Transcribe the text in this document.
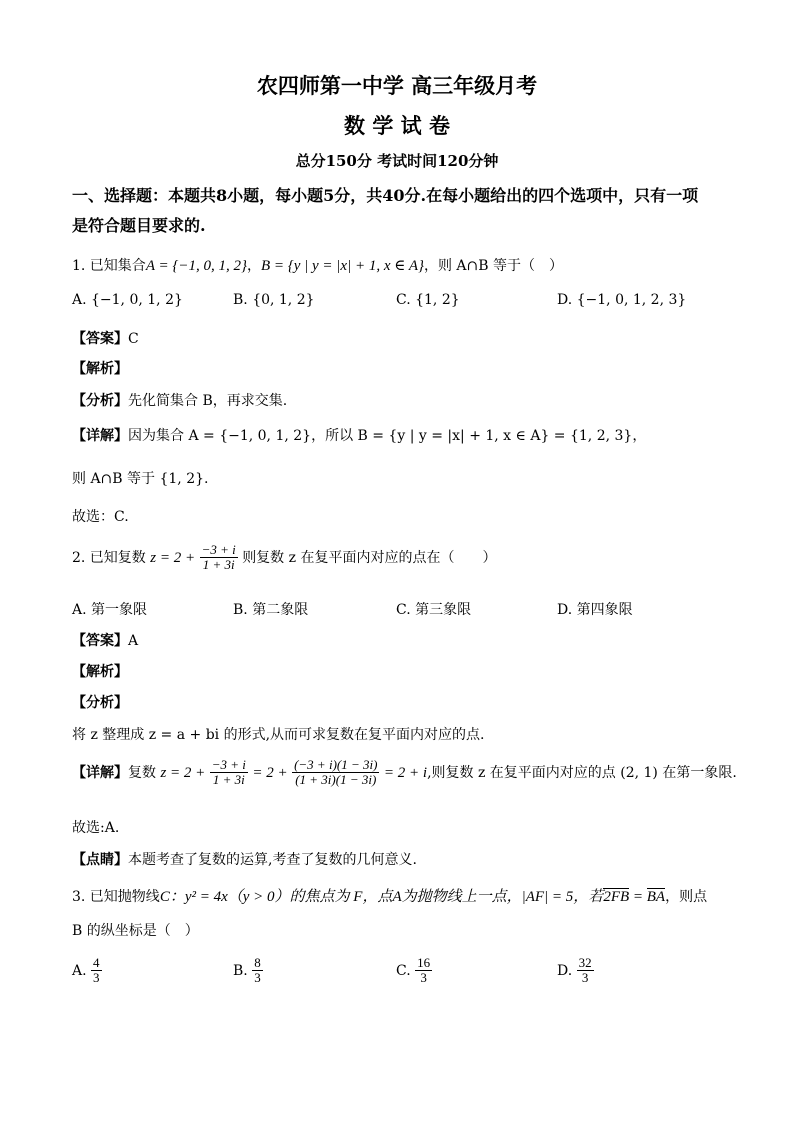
农四师第一中学 高三年级月考
数 学 试 卷
总分150分 考试时间120分钟
一、选择题：本题共8小题，每小题5分，共40分.在每小题给出的四个选项中，只有一项
是符合题目要求的.
1. 已知集合A = {−1, 0, 1, 2}，B = {y | y = |x| + 1, x ∈ A}，则 A∩B 等于（　）
A. {−1, 0, 1, 2}	B. {0, 1, 2}	C. {1, 2}	D. {−1, 0, 1, 2, 3}
【答案】C
【解析】
【分析】先化简集合 B，再求交集.
【详解】因为集合 A = {−1, 0, 1, 2}，所以 B = {y | y = |x| + 1, x ∈ A} = {1, 2, 3}，
则 A∩B 等于 {1, 2}.
故选：C.
2. 已知复数 $z = 2 + \frac{-3 + i}{1 + 3i}$ 则复数 z 在复平面内对应的点在（　　）
A. 第一象限	B. 第二象限	C. 第三象限	D. 第四象限
【答案】A
【解析】
【分析】
将 z 整理成 z = a + bi 的形式,从而可求复数在复平面内对应的点.
【详解】复数 $z = 2 + \frac{-3 + i}{1 + 3i} = 2 + \frac{(-3 + i)(1 - 3i)}{(1 + 3i)(1 - 3i)} = 2 + i$,则复数 z 在复平面内对应的点 (2, 1) 在第一象限.
故选:A.
【点睛】本题考查了复数的运算,考查了复数的几何意义.
3. 已知抛物线C：y² = 4x（y > 0）的焦点为 F，点A为抛物线上一点，|AF| = 5，若2FB = BA，则点
B 的纵坐标是（　）
A. $\frac{4}{3}$	B. $\frac{8}{3}$	C. $\frac{16}{3}$	D. $\frac{32}{3}$
